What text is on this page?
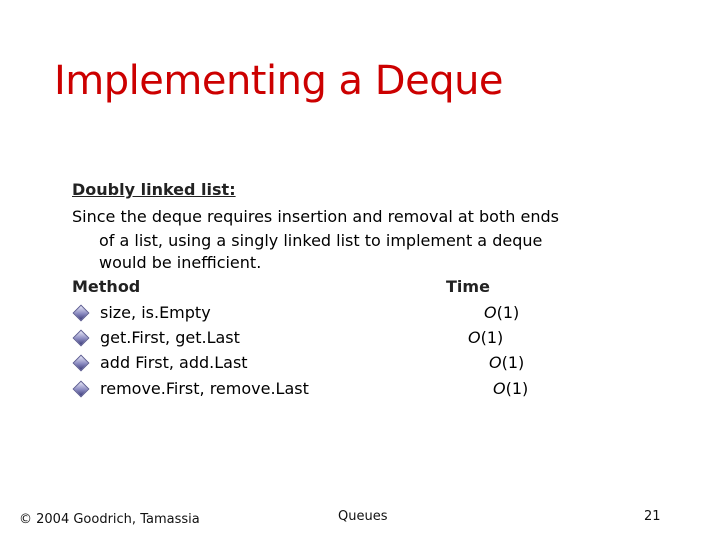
Implementing a Deque
Doubly linked list:
Since the deque requires insertion and removal at both ends
of a list, using a singly linked list to implement a deque
would be inefficient.
Method	Time
size, is.Empty	O(1)
get.First, get.Last	O(1)
add First, add.Last	O(1)
remove.First, remove.Last	O(1)
© 2004 Goodrich, Tamassia	Queues	21
